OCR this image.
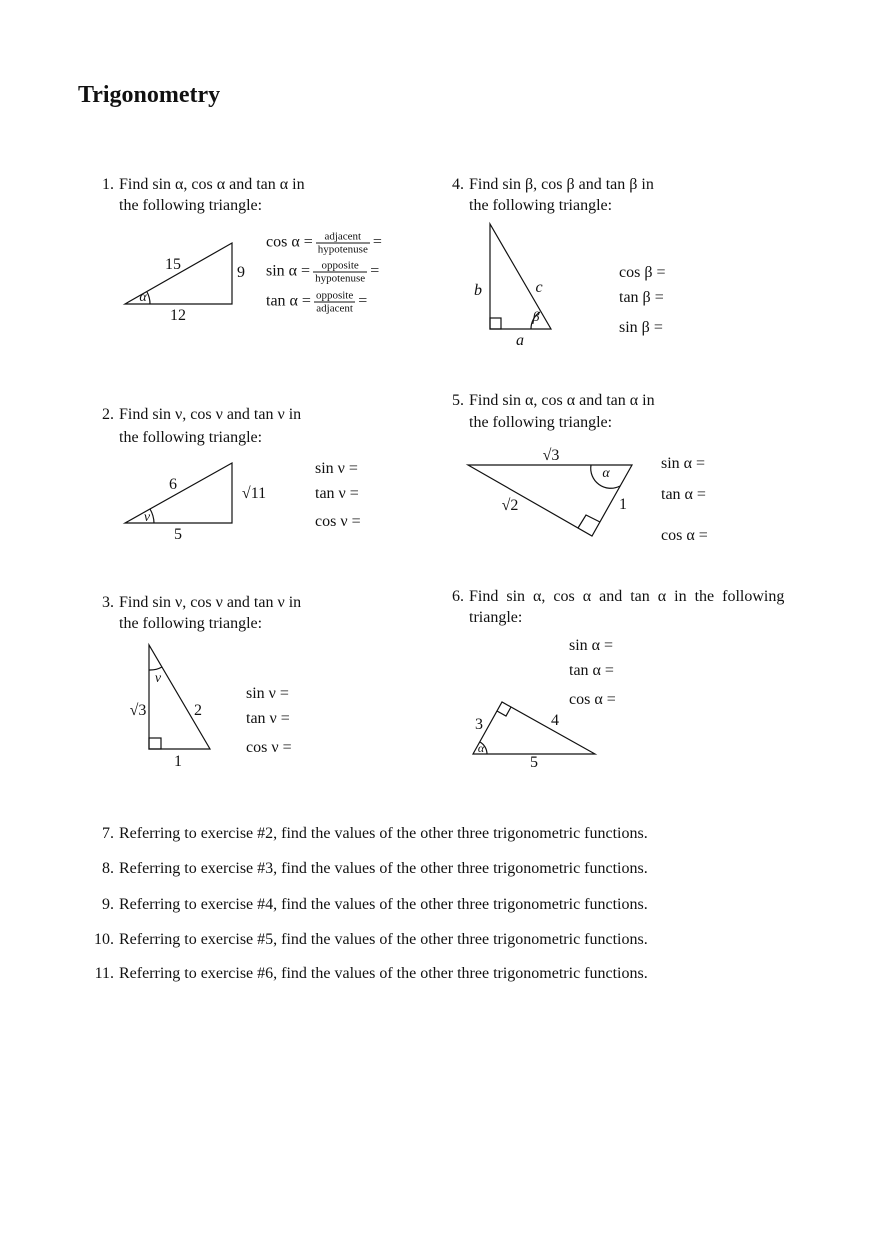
Trigonometry
1. Find sin α, cos α and tan α in
the following triangle:
15	9
12
α
$\cos \alpha = \frac{\text{adjacent}}{\text{hypotenuse}}$ =
$\sin \alpha = \frac{\text{opposite}}{\text{hypotenuse}}$ =
$\tan \alpha = \frac{\text{opposite}}{\text{adjacent}}$ =
4. Find sin β, cos β and tan β in
the following triangle:
b	c
a
β
cos β =
tan β =
sin β =
2. Find sin ν, cos ν and tan ν in
the following triangle:
6
√11
5
ν
sin ν =
tan ν =
cos ν =
5. Find sin α, cos α and tan α in
the following triangle:
√3
√2	1
α
sin α =
tan α =
cos α =
3. Find sin ν, cos ν and tan ν in
the following triangle:
ν
√3	2
1
sin ν =
tan ν =
cos ν =
6. Find sin α, cos α and tan α in the following
triangle:
sin α =
tan α =
cos α =
3	4
5
α
7. Referring to exercise #2, find the values of the other three trigonometric functions.
8. Referring to exercise #3, find the values of the other three trigonometric functions.
9. Referring to exercise #4, find the values of the other three trigonometric functions.
10. Referring to exercise #5, find the values of the other three trigonometric functions.
11. Referring to exercise #6, find the values of the other three trigonometric functions.
